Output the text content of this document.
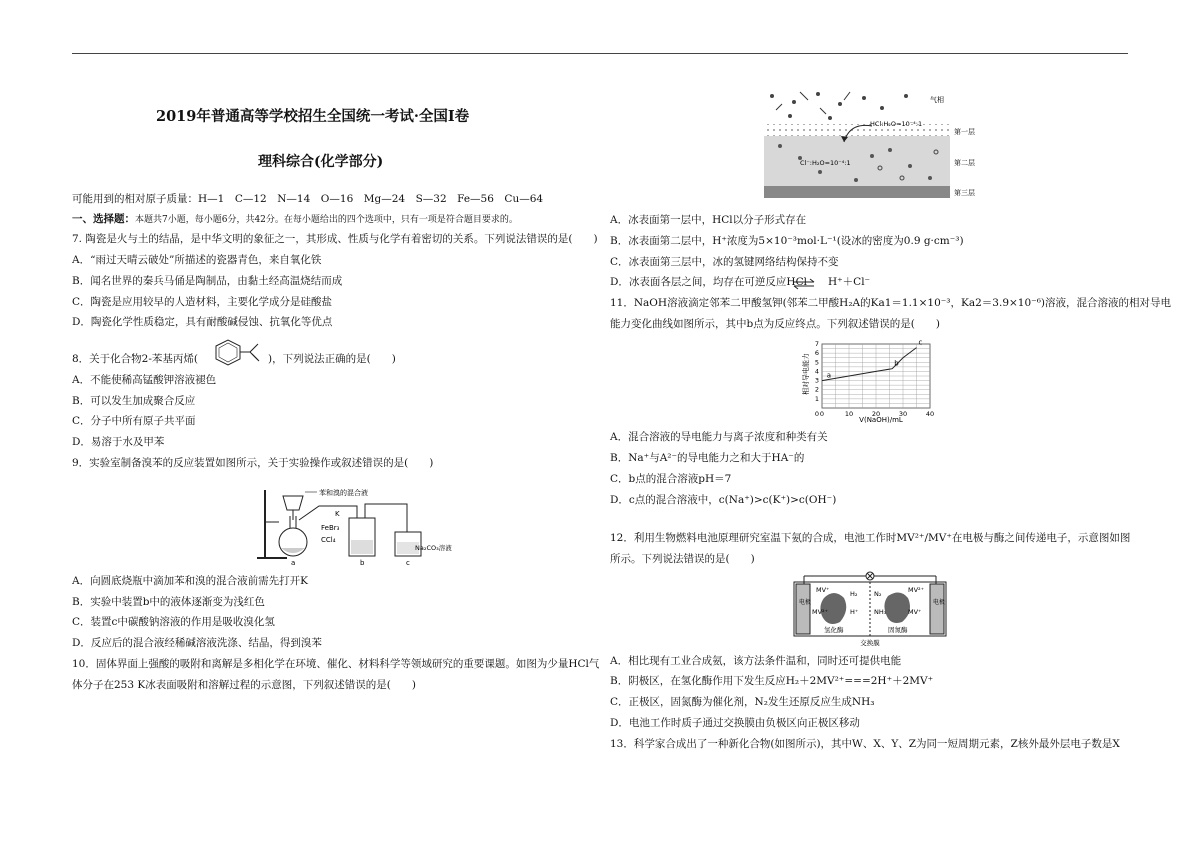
2019年普通高等学校招生全国统一考试·全国Ⅰ卷
理科综合(化学部分)
可能用到的相对原子质量：H—1　C—12　N—14　O—16　Mg—24　S—32　Fe—56　Cu—64
一、选择题：本题共7小题，每小题6分，共42分。在每小题给出的四个选项中，只有一项是符合题目要求的。
7. 陶瓷是火与土的结晶，是中华文明的象征之一，其形成、性质与化学有着密切的关系。下列说法错误的是(　　)
A．“雨过天晴云破处”所描述的瓷器青色，来自氧化铁
B．闻名世界的秦兵马俑是陶制品，由黏土经高温烧结而成
C．陶瓷是应用较早的人造材料，主要化学成分是硅酸盐
D．陶瓷化学性质稳定，具有耐酸碱侵蚀、抗氧化等优点
8．关于化合物2-苯基丙烯(	)，下列说法正确的是(　　)
A．不能使稀高锰酸钾溶液褪色
B．可以发生加成聚合反应
C．分子中所有原子共平面
D．易溶于水及甲苯
9．实验室制备溴苯的反应装置如图所示，关于实验操作或叙述错误的是(　　)
苯和溴的混合液
K
FeBr₃
CCl₄
Na₂CO₃溶液
a	b	c
A．向圆底烧瓶中滴加苯和溴的混合液前需先打开K
B．实验中装置b中的液体逐渐变为浅红色
C．装置c中碳酸钠溶液的作用是吸收溴化氢
D．反应后的混合液经稀碱溶液洗涤、结晶，得到溴苯
10．固体界面上强酸的吸附和离解是多相化学在环境、催化、材料科学等领域研究的重要课题。如图为少量HCl气
体分子在253 K冰表面吸附和溶解过程的示意图，下列叙述错误的是(　　)
HCl:H₂O=10⁻⁴:1
Cl⁻:H₂O=10⁻⁴:1
气相
第一层
第二层
第三层
A．冰表面第一层中，HCl以分子形式存在
B．冰表面第二层中，H⁺浓度为5×10⁻³mol·L⁻¹(设冰的密度为0.9 g·cm⁻³)
C．冰表面第三层中，冰的氢键网络结构保持不变
D．冰表面各层之间，均存在可逆反应HCl　　H⁺＋Cl⁻
11．NaOH溶液滴定邻苯二甲酸氢钾(邻苯二甲酸H₂A的Ka1＝1.1×10⁻³，Ka2＝3.9×10⁻⁶)溶液，混合溶液的相对导电
能力变化曲线如图所示，其中b点为反应终点。下列叙述错误的是(　　)
0	10	20	30	40
1
2
3
4
5
6
7
0
a
b
c
V(NaOH)/mL
相对导电能力
A．混合溶液的导电能力与离子浓度和种类有关
B．Na⁺与A²⁻的导电能力之和大于HA⁻的
C．b点的混合溶液pH＝7
D．c点的混合溶液中，c(Na⁺)>c(K⁺)>c(OH⁻)
12．利用生物燃料电池原理研究室温下氨的合成，电池工作时MV²⁺/MV⁺在电极与酶之间传递电子，示意图如图
所示。下列说法错误的是(　　)
MV⁺
MV²⁺
H₂
H⁺
N₂
NH₃
MV²⁺
MV⁺
氢化酶	固氮酶
交换膜
电极	电极
A．相比现有工业合成氨，该方法条件温和，同时还可提供电能
B．阴极区，在氢化酶作用下发生反应H₂＋2MV²⁺===2H⁺＋2MV⁺
C．正极区，固氮酶为催化剂，N₂发生还原反应生成NH₃
D．电池工作时质子通过交换膜由负极区向正极区移动
13．科学家合成出了一种新化合物(如图所示)，其中W、X、Y、Z为同一短周期元素，Z核外最外层电子数是X
